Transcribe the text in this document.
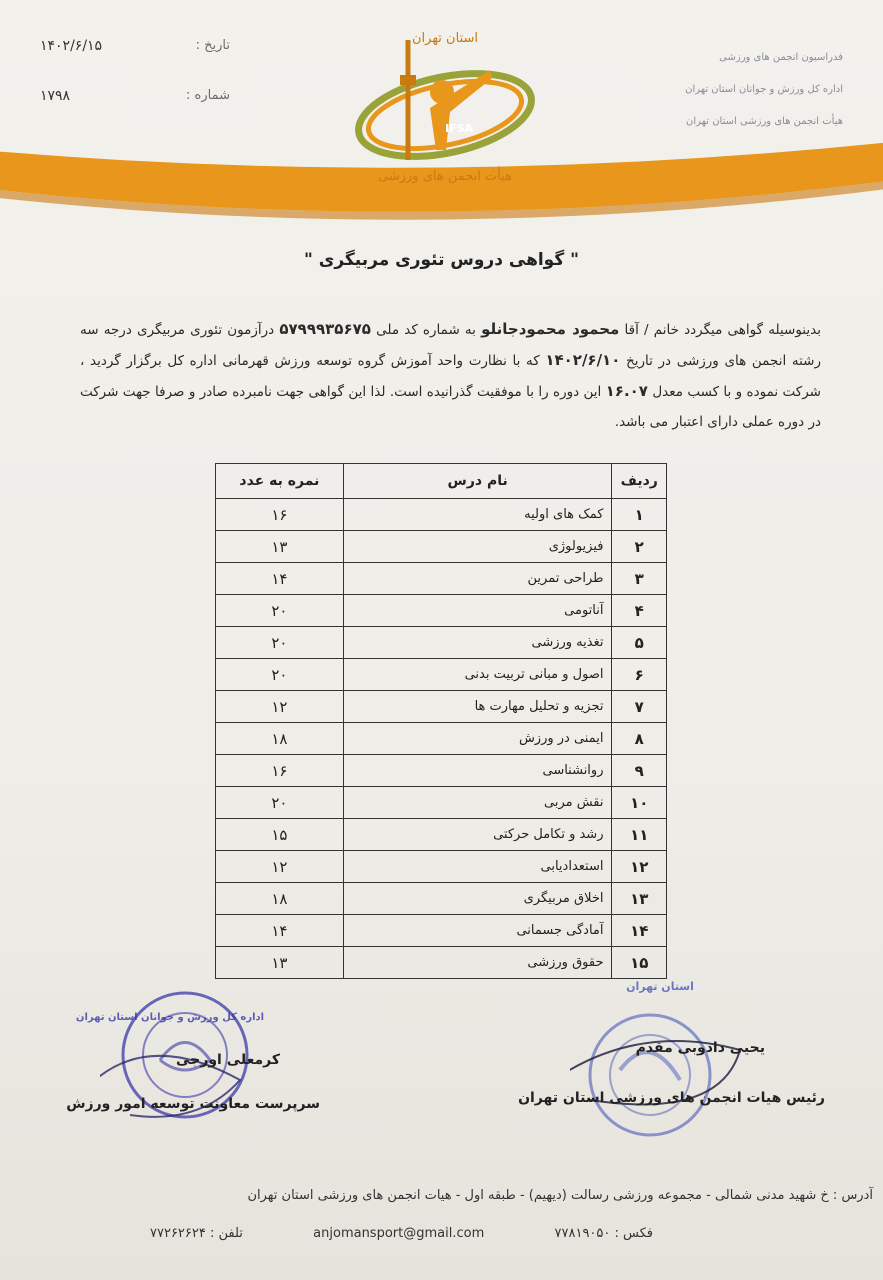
تاریخ :
۱۴۰۲/۶/۱۵
شماره :
۱۷۹۸
فدراسیون انجمن های ورزشی
اداره کل ورزش و جوانان استان تهران
هیأت انجمن های ورزشی استان تهران
IFSA
استان تهران
هیأت انجمن های ورزشی
" گواهی دروس تئوری مربیگری "
بدینوسیله گواهی میگردد خانم / آقا محمود محمودجانلو به شماره کد ملی ۵۷۹۹۹۳۵۶۷۵ درآزمون تئوری مربیگری درجه سه رشته انجمن های ورزشی در تاریخ ۱۴۰۲/۶/۱۰ که با نظارت واحد آموزش گروه توسعه ورزش قهرمانی اداره کل برگزار گردید ، شرکت نموده و با کسب معدل ۱۶.۰۷ این دوره را با موفقیت گذرانیده است. لذا این گواهی جهت نامبرده صادر و صرفا جهت شرکت در دوره عملی دارای اعتبار می باشد.
ردیف	نام درس	نمره به عدد
۱	کمک های اولیه	۱۶
۲	فیزیولوژی	۱۳
۳	طراحی تمرین	۱۴
۴	آناتومی	۲۰
۵	تغذیه ورزشی	۲۰
۶	اصول و مبانی تربیت بدنی	۲۰
۷	تجزیه و تحلیل مهارت ها	۱۲
۸	ایمنی در ورزش	۱۸
۹	روانشناسی	۱۶
۱۰	نقش مربی	۲۰
۱۱	رشد و تکامل حرکتی	۱۵
۱۲	استعدادیابی	۱۲
۱۳	اخلاق مربیگری	۱۸
۱۴	آمادگی جسمانی	۱۴
۱۵	حقوق ورزشی	۱۳
اداره کل ورزش و جوانان استان تهران
کرمعلی اورجی
سرپرست معاونت توسعه امور ورزش
استان تهران
یحیی دادوبی مقدم
رئیس هیات انجمن های ورزشی استان تهران
آدرس : خ شهید مدنی شمالی - مجموعه ورزشی رسالت (دیهیم) - طبقه اول - هیات انجمن های ورزشی استان تهران
فکس : ۷۷۸۱۹۰۵۰
anjomansport@gmail.com
تلفن : ۷۷۲۶۲۶۲۴
